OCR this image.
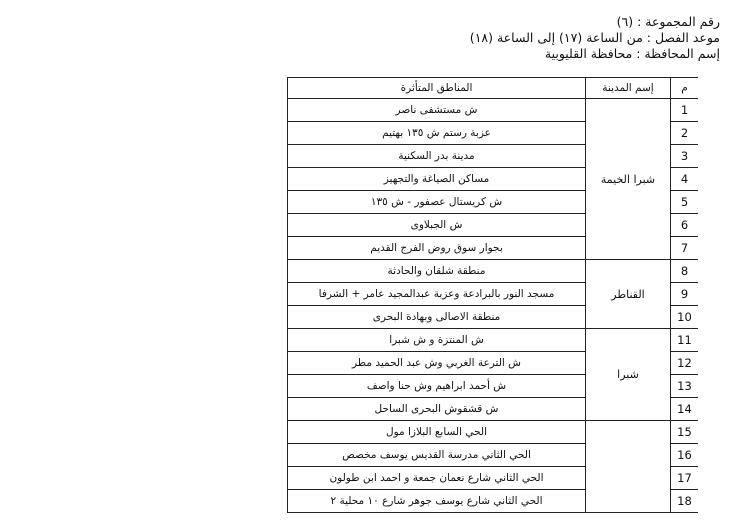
رقم المجموعة : (٦)
موعد الفصل : من الساعة (١٧) إلى الساعة (١٨)
إسم المحافظة : محافظة القليوبية
م	إسم المدينة	المناطق المتأثرة
1	شبرا الخيمة	ش مستشفى ناصر
2		عزبة رستم ش ١٣٥ بهتيم
3		مدينة بدر السكنية
4		مساكن الصياغة والتجهيز
5		ش كريستال عصفور - ش ١٣٥
6		ش الجبلاوى
7		بجوار سوق روض الفرج القديم
8	القناطر	منطقة شلقان والحادثة
9		مسجد النور بالبرادعة وعزبة عبدالمجيد عامر + الشرفا
10		منطقة الاصالى وبهادة البحرى
11	شبرا	ش المنتزة و ش شبرا
12		ش الترعة الغربي وش عبد الحميد مطر
13		ش أحمد ابراهيم وش حنا واصف
14		ش قشقوش البحرى الساحل
15		الحي السابع البلازا مول
16		الحي الثاني مدرسة القديس يوسف مخصص
17		الحي الثاني شارع نعمان جمعة و احمد ابن طولون
18		الحي الثاني شارع يوسف جوهر شارع ١٠ محلية ٢
